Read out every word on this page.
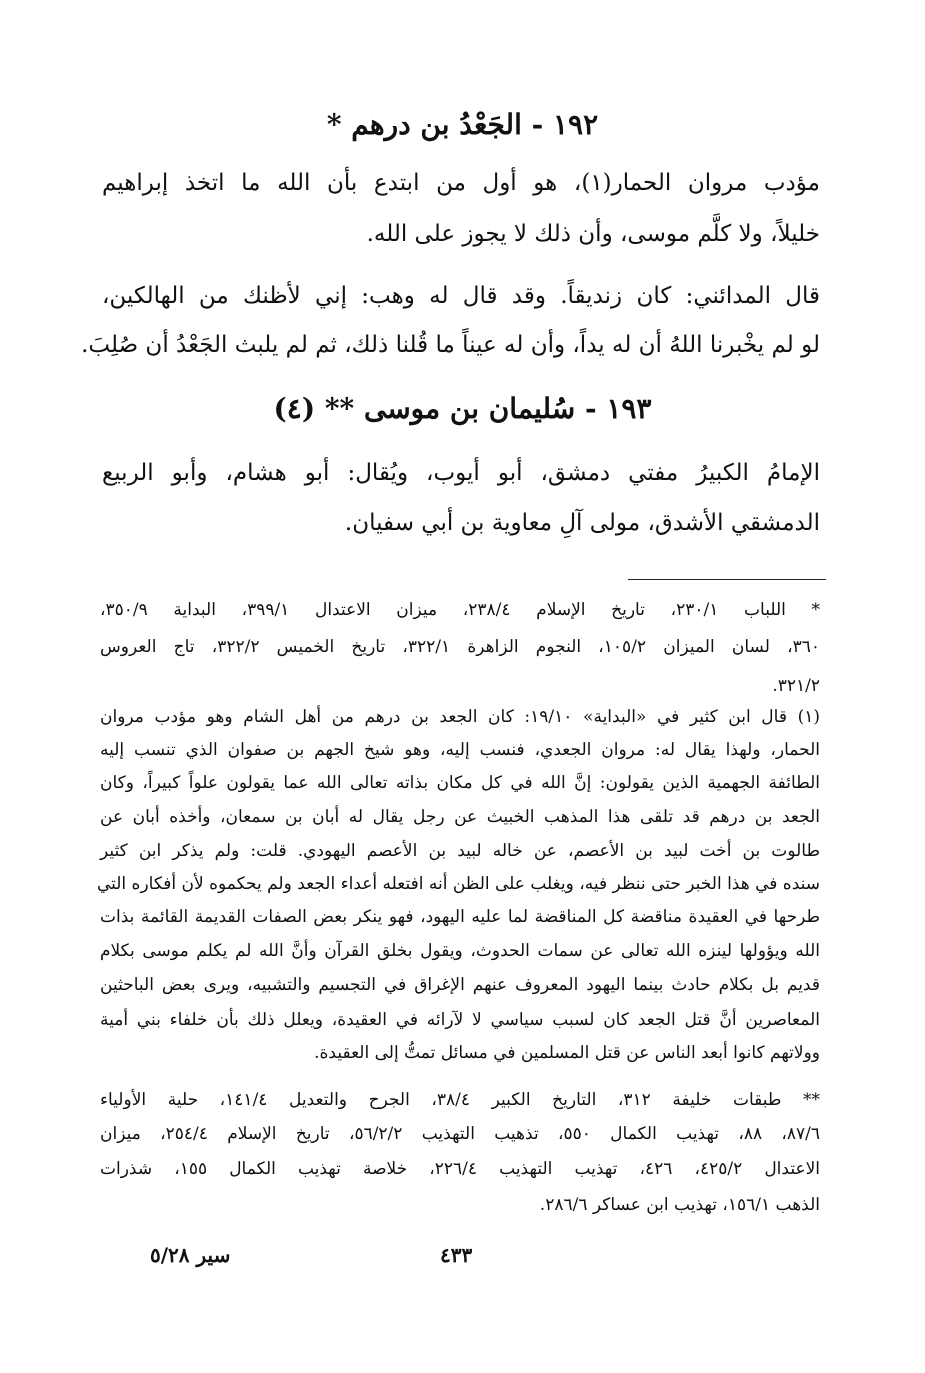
١٩٢ - الجَعْدُ بن درهم *
مؤدب مروان الحمار(١)، هو أول من ابتدع بأن الله ما اتخذ إبراهيم
خليلاً، ولا كلَّم موسى، وأن ذلك لا يجوز على الله.
قال المدائني: كان زنديقاً. وقد قال له وهب: إني لأظنك من الهالكين،
لو لم يخْبرنا اللهُ أن له يداً، وأن له عيناً ما قُلنا ذلك، ثم لم يلبث الجَعْدُ أن صُلِبَ.
١٩٣ - سُليمان بن موسى ** (٤)
الإمامُ الكبيرُ مفتي دمشق، أبو أيوب، ويُقال: أبو هشام، وأبو الربيع
الدمشقي الأشدق، مولى آلِ معاوية بن أبي سفيان.
* اللباب ٢٣٠/١، تاريخ الإسلام ٢٣٨/٤، ميزان الاعتدال ٣٩٩/١، البداية ٣٥٠/٩،
٣٦٠، لسان الميزان ١٠٥/٢، النجوم الزاهرة ٣٢٢/١، تاريخ الخميس ٣٢٢/٢، تاج العروس
٣٢١/٢.
(١) قال ابن كثير في «البداية» ١٩/١٠: كان الجعد بن درهم من أهل الشام وهو مؤدب مروان
الحمار، ولهذا يقال له: مروان الجعدي، فنسب إليه، وهو شيخ الجهم بن صفوان الذي تنسب إليه
الطائفة الجهمية الذين يقولون: إنَّ الله في كل مكان بذاته تعالى الله عما يقولون علواً كبيراً، وكان
الجعد بن درهم قد تلقى هذا المذهب الخبيث عن رجل يقال له أبان بن سمعان، وأخذه أبان عن
طالوت بن أخت لبيد بن الأعصم، عن خاله لبيد بن الأعصم اليهودي. قلت: ولم يذكر ابن كثير
سنده في هذا الخبر حتى ننظر فيه، ويغلب على الظن أنه افتعله أعداء الجعد ولم يحكموه لأن أفكاره التي
طرحها في العقيدة مناقضة كل المناقضة لما عليه اليهود، فهو ينكر بعض الصفات القديمة القائمة بذات
الله ويؤولها لينزه الله تعالى عن سمات الحدوث، ويقول بخلق القرآن وأنَّ الله لم يكلم موسى بكلام
قديم بل بكلام حادث بينما اليهود المعروف عنهم الإغراق في التجسيم والتشبيه، ويرى بعض الباحثين
المعاصرين أنَّ قتل الجعد كان لسبب سياسي لا لآرائه في العقيدة، ويعلل ذلك بأن خلفاء بني أمية
وولاتهم كانوا أبعد الناس عن قتل المسلمين في مسائل تمتُّ إلى العقيدة.
** طبقات خليفة ٣١٢، التاريخ الكبير ٣٨/٤، الجرح والتعديل ١٤١/٤، حلية الأولياء
٨٧/٦، ٨٨، تهذيب الكمال ٥٥٠، تذهيب التهذيب ٥٦/٢/٢، تاريخ الإسلام ٢٥٤/٤، ميزان
الاعتدال ٤٢٥/٢، ٤٢٦، تهذيب التهذيب ٢٢٦/٤، خلاصة تهذيب الكمال ١٥٥، شذرات
الذهب ١٥٦/١، تهذيب ابن عساكر ٢٨٦/٦.
٤٣٣
سير ٥/٢٨
